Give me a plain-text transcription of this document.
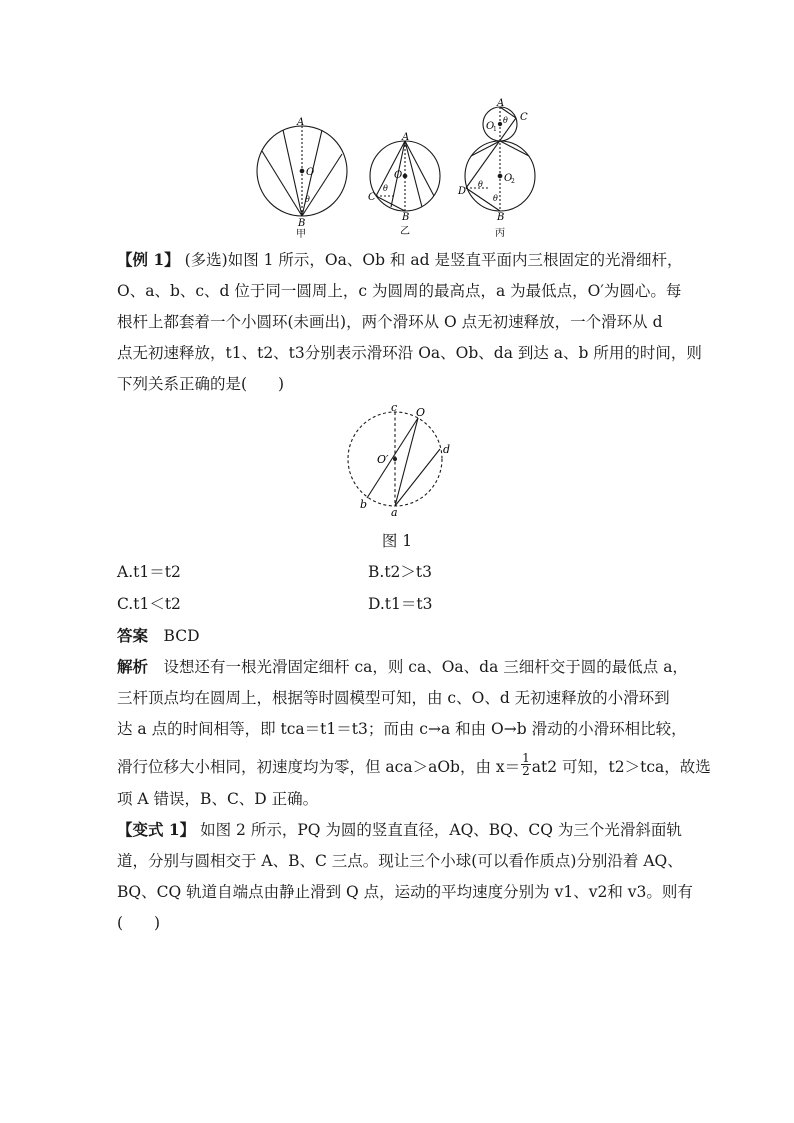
A
O
θ
B
甲
A
O
θ
C
B
乙
A
C
O
1
θ
O
2
θ
θ
D
B
丙
【例 1】 (多选)如图 1 所示，Oa、Ob 和 ad 是竖直平面内三根固定的光滑细杆，
O、a、b、c、d 位于同一圆周上，c 为圆周的最高点，a 为最低点，O′为圆心。每
根杆上都套着一个小圆环(未画出)，两个滑环从 O 点无初速释放，一个滑环从 d
点无初速释放，t1、t2、t3分别表示滑环沿 Oa、Ob、da 到达 a、b 所用的时间，则
下列关系正确的是(　　)
c O
O′
d
b
a
图 1
A.t1＝t2	B.t2＞t3
C.t1＜t2	D.t1＝t3
答案　 BCD
解析　 设想还有一根光滑固定细杆 ca，则 ca、Oa、da 三细杆交于圆的最低点 a，
三杆顶点均在圆周上，根据等时圆模型可知，由 c、O、d 无初速释放的小滑环到
达 a 点的时间相等，即 tca＝t1＝t3；而由 c→a 和由 O→b 滑动的小滑环相比较，
滑行位移大小相同，初速度均为零，但 aca＞aOb，由 $x= \frac{1}{2} at2$ 可知，t2＞tca，故选
项 A 错误，B、C、D 正确。
【变式 1】 如图 2 所示，PQ 为圆的竖直直径，AQ、BQ、CQ 为三个光滑斜面轨
道，分别与圆相交于 A、B、C 三点。现让三个小球(可以看作质点)分别沿着 AQ、
BQ、CQ 轨道自端点由静止滑到 Q 点，运动的平均速度分别为 v1、v2和 v3。则有
(　　)
